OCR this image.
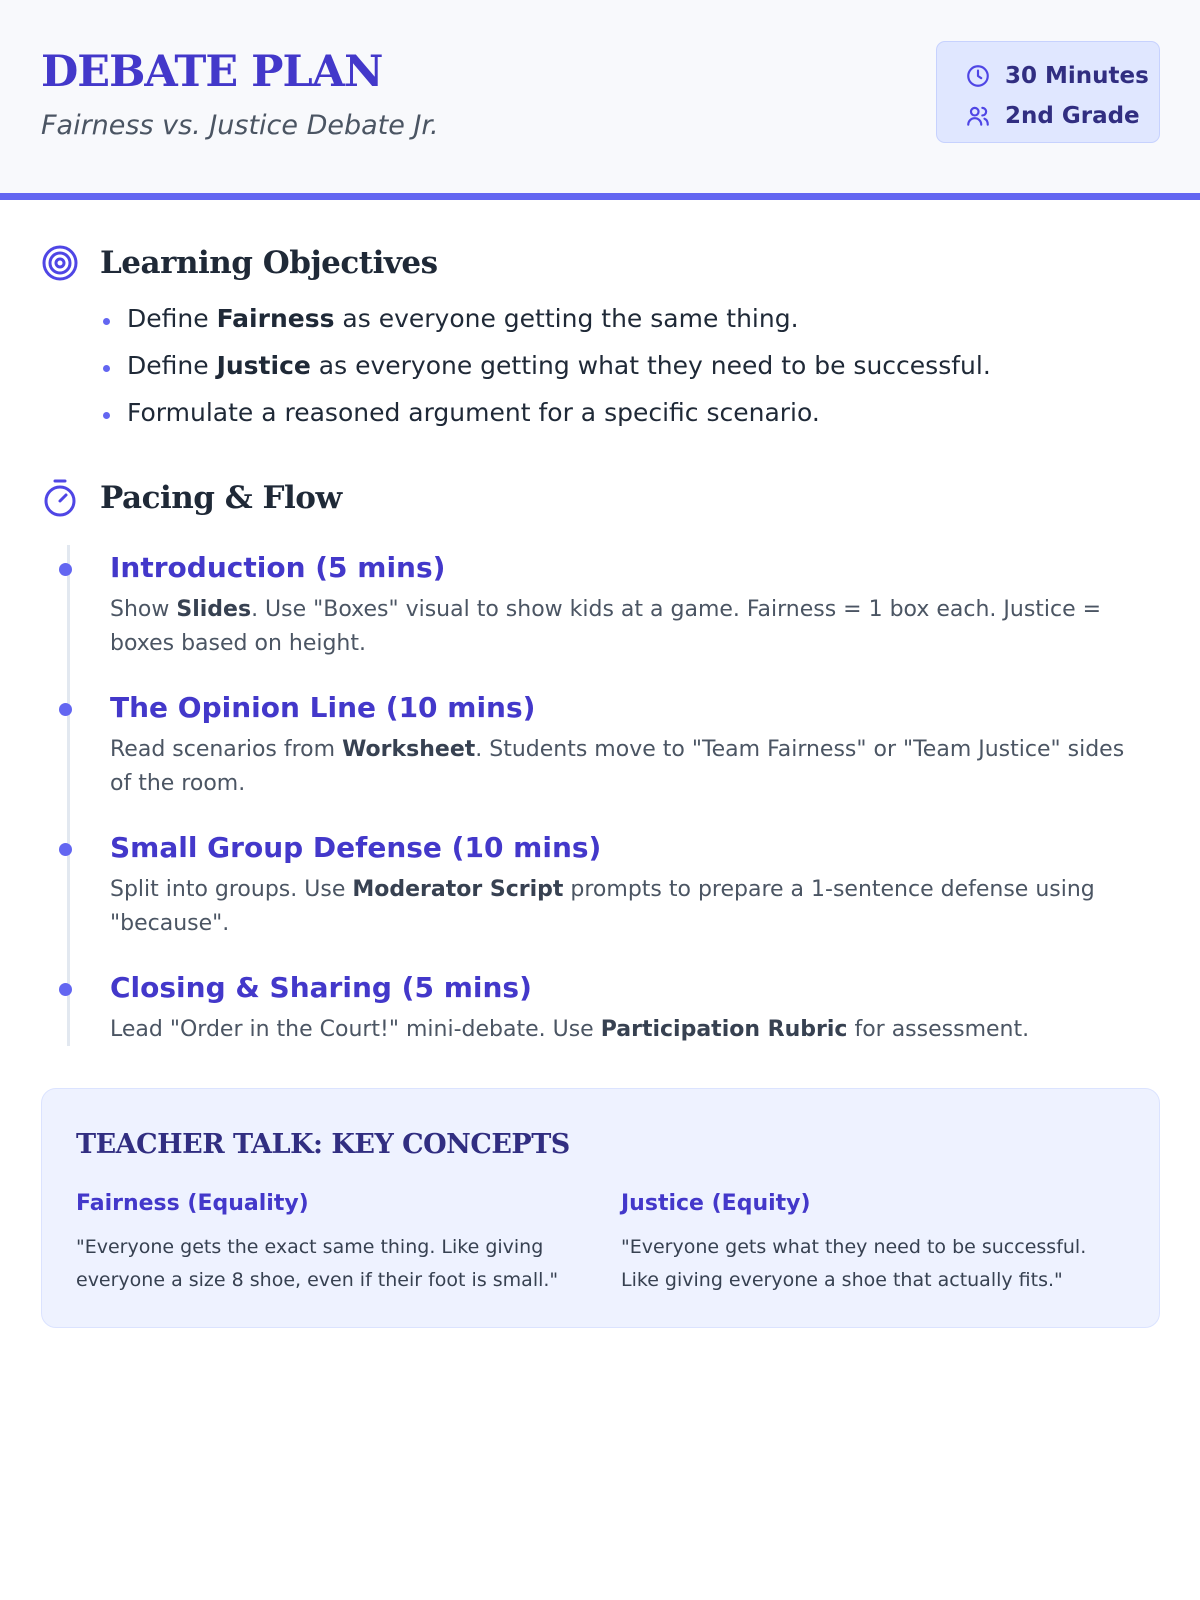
DEBATE PLAN
Fairness vs. Justice Debate Jr.
30 Minutes
2nd Grade
Learning Objectives
Define Fairness as everyone getting the same thing.
Define Justice as everyone getting what they need to be successful.
Formulate a reasoned argument for a specific scenario.
Pacing & Flow
Introduction (5 mins)
Show Slides. Use "Boxes" visual to show kids at a game. Fairness = 1 box each. Justice = boxes based on height.
The Opinion Line (10 mins)
Read scenarios from Worksheet. Students move to "Team Fairness" or "Team Justice" sides of the room.
Small Group Defense (10 mins)
Split into groups. Use Moderator Script prompts to prepare a 1-sentence defense using "because".
Closing & Sharing (5 mins)
Lead "Order in the Court!" mini-debate. Use Participation Rubric for assessment.
TEACHER TALK: KEY CONCEPTS
Fairness (Equality)
"Everyone gets the exact same thing. Like giving everyone a size 8 shoe, even if their foot is small."
Justice (Equity)
"Everyone gets what they need to be successful. Like giving everyone a shoe that actually fits."
